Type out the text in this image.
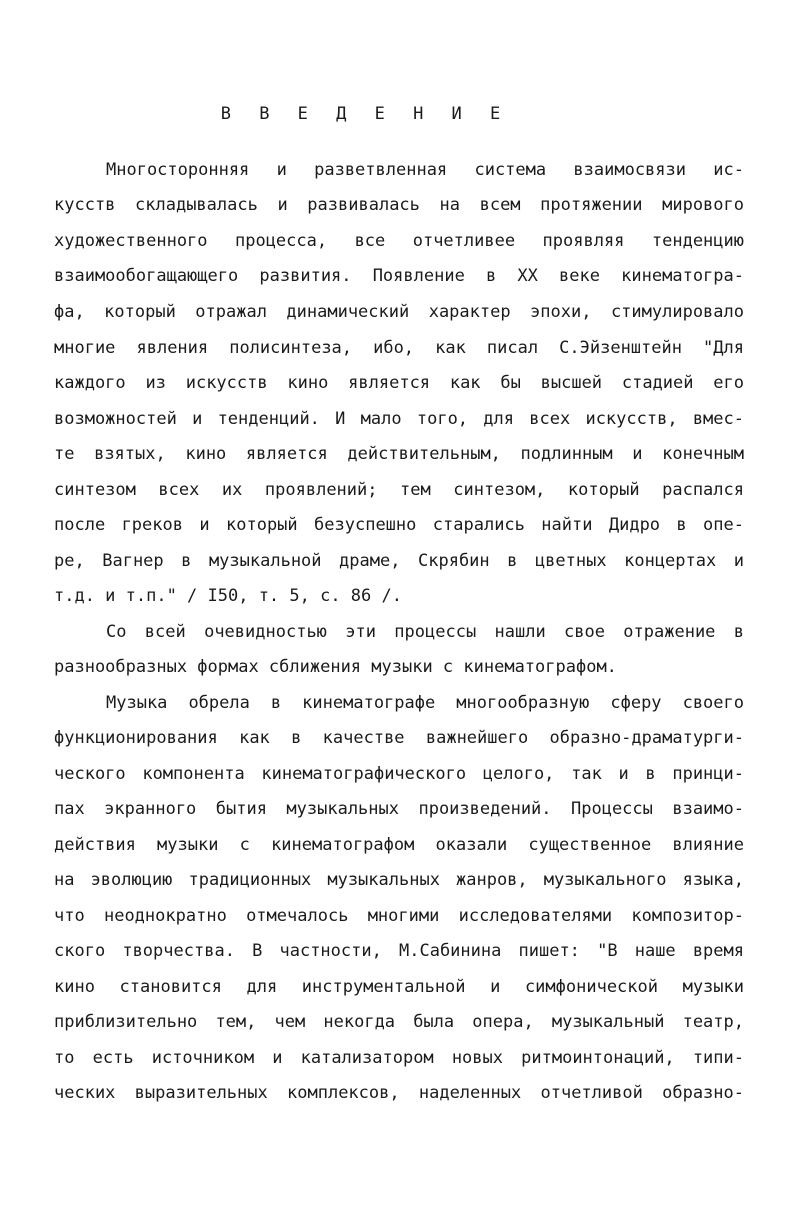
В В Е Д Е Н И Е
Многосторонняя и разветвленная система взаимосвязи ис-
кусств складывалась и развивалась на всем протяжении мирового
художественного процесса, все отчетливее проявляя тенденцию
взаимообогащающего развития. Появление в XX веке кинематогра-
фа, который отражал динамический характер эпохи, стимулировало
многие явления полисинтеза, ибо, как писал С.Эйзенштейн "Для
каждого из искусств кино является как бы высшей стадией его
возможностей и тенденций. И мало того, для всех искусств, вмес-
те взятых, кино является действительным, подлинным и конечным
синтезом всех их проявлений; тем синтезом, который распался
после греков и который безуспешно старались найти Дидро в опе-
ре, Вагнер в музыкальной драме, Скрябин в цветных концертах и
т.д. и т.п." / I50, т. 5, с. 86 /.
Со всей очевидностью эти процессы нашли свое отражение в
разнообразных формах сближения музыки с кинематографом.
Музыка обрела в кинематографе многообразную сферу своего
функционирования как в качестве важнейшего образно-драматурги-
ческого компонента кинематографического целого, так и в принци-
пах экранного бытия музыкальных произведений. Процессы взаимо-
действия музыки с кинематографом оказали существенное влияние
на эволюцию традиционных музыкальных жанров, музыкального языка,
что неоднократно отмечалось многими исследователями композитор-
ского творчества. В частности, М.Сабинина пишет: "В наше время
кино становится для инструментальной и симфонической музыки
приблизительно тем, чем некогда была опера, музыкальный театр,
то есть источником и катализатором новых ритмоинтонаций, типи-
ческих выразительных комплексов, наделенных отчетливой образно-
